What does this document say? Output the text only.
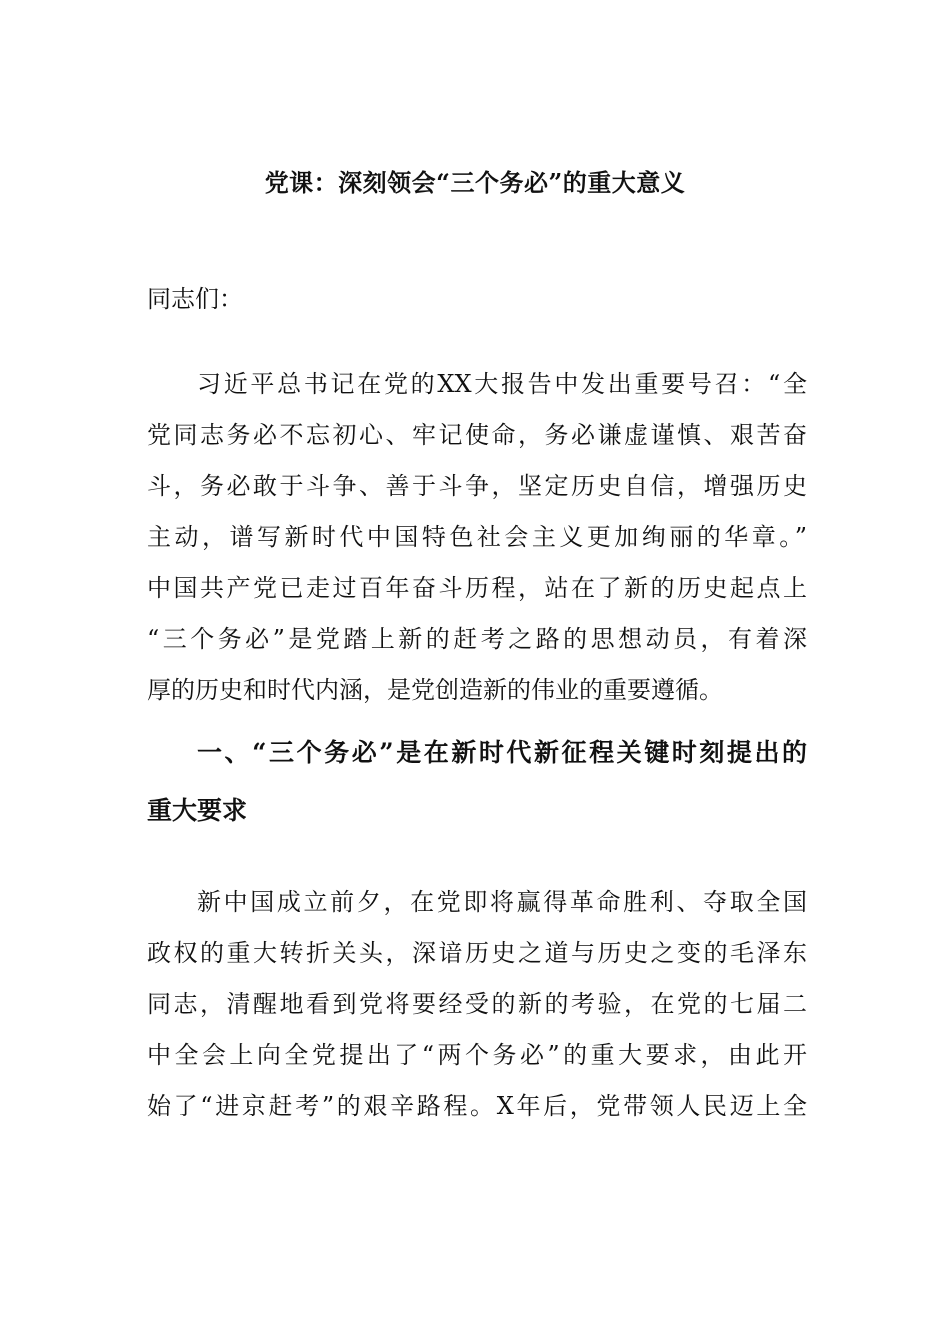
党课：深刻领会“三个务必”的重大意义
同志们：
习近平总书记在党的XX大报告中发出重要号召：“全
党同志务必不忘初心、牢记使命，务必谦虚谨慎、艰苦奋
斗，务必敢于斗争、善于斗争，坚定历史自信，增强历史
主动，谱写新时代中国特色社会主义更加绚丽的华章。”
中国共产党已走过百年奋斗历程，站在了新的历史起点上
“三个务必”是党踏上新的赶考之路的思想动员，有着深
厚的历史和时代内涵，是党创造新的伟业的重要遵循。
一、“三个务必”是在新时代新征程关键时刻提出的
重大要求
新中国成立前夕，在党即将赢得革命胜利、夺取全国
政权的重大转折关头，深谙历史之道与历史之变的毛泽东
同志，清醒地看到党将要经受的新的考验，在党的七届二
中全会上向全党提出了“两个务必”的重大要求，由此开
始了“进京赶考”的艰辛路程。X年后，党带领人民迈上全
